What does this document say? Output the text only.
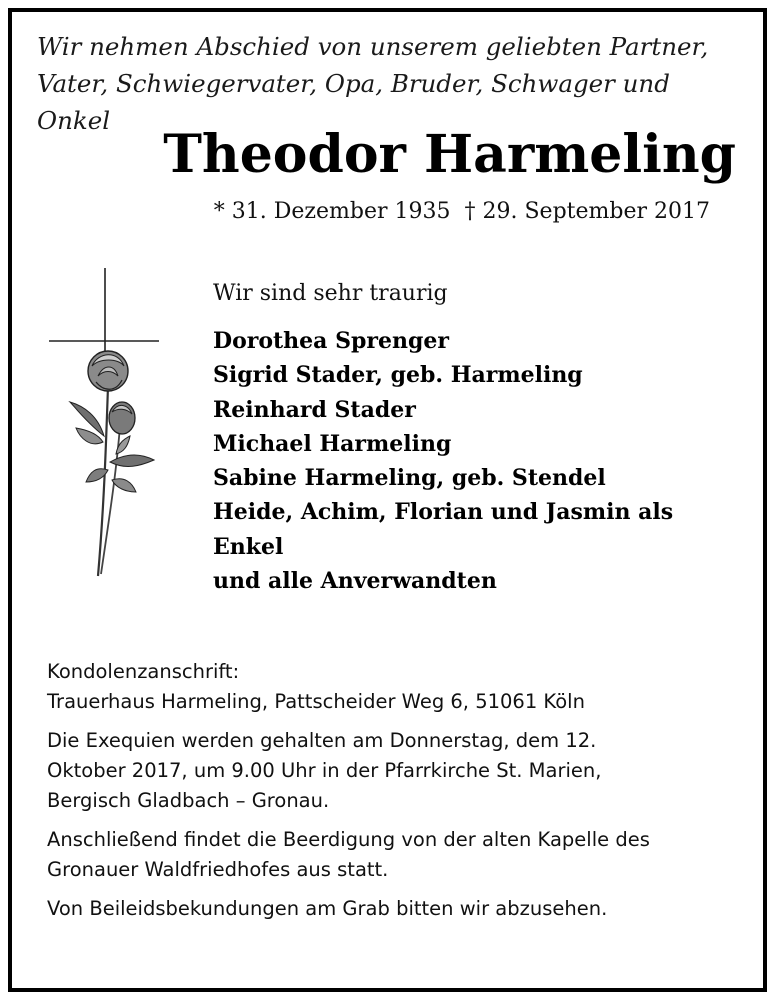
Wir nehmen Abschied von unserem geliebten Partner,
Vater, Schwiegervater, Opa, Bruder, Schwager und Onkel
Theodor Harmeling
* 31. Dezember 1935 † 29. September 2017
Wir sind sehr traurig
Dorothea Sprenger
Sigrid Stader, geb. Harmeling
Reinhard Stader
Michael Harmeling
Sabine Harmeling, geb. Stendel
Heide, Achim, Florian und Jasmin als
Enkel
und alle Anverwandten

Kondolenzanschrift:
Trauerhaus Harmeling, Pattscheider Weg 6, 51061 Köln

Die Exequien werden gehalten am Donnerstag, dem 12.
Oktober 2017, um 9.00 Uhr in der Pfarrkirche St. Marien,
Bergisch Gladbach – Gronau.

Anschließend findet die Beerdigung von der alten Kapelle des
Gronauer Waldfriedhofes aus statt.

Von Beileidsbekundungen am Grab bitten wir abzusehen.
